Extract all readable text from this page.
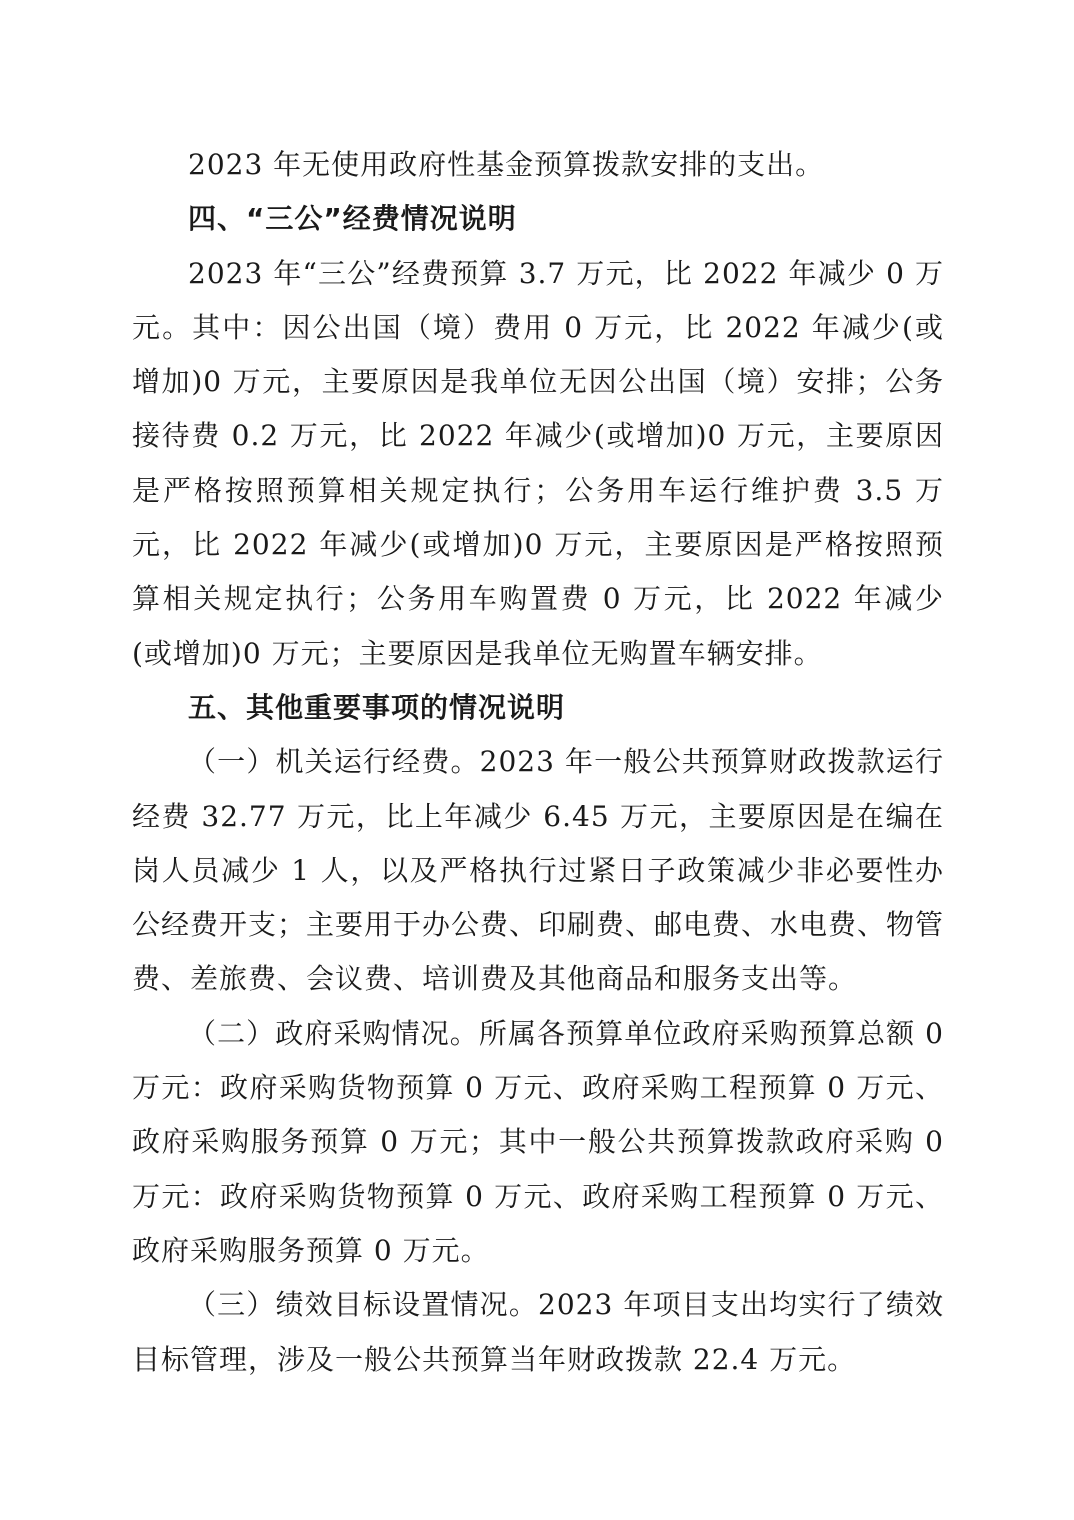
2023 年无使用政府性基金预算拨款安排的支出。

四、“三公”经费情况说明

2023 年“三公”经费预算 3.7 万元，比 2022 年减少 0 万元。其中：因公出国（境）费用 0 万元，比 2022 年减少(或增加)0 万元，主要原因是我单位无因公出国（境）安排；公务接待费 0.2 万元，比 2022 年减少(或增加)0 万元，主要原因是严格按照预算相关规定执行；公务用车运行维护费 3.5 万元，比 2022 年减少(或增加)0 万元，主要原因是严格按照预算相关规定执行；公务用车购置费 0 万元，比 2022 年减少(或增加)0 万元；主要原因是我单位无购置车辆安排。

五、其他重要事项的情况说明

（一）机关运行经费。2023 年一般公共预算财政拨款运行经费 32.77 万元，比上年减少 6.45 万元，主要原因是在编在岗人员减少 1 人，以及严格执行过紧日子政策减少非必要性办公经费开支；主要用于办公费、印刷费、邮电费、水电费、物管费、差旅费、会议费、培训费及其他商品和服务支出等。

（二）政府采购情况。所属各预算单位政府采购预算总额 0 万元：政府采购货物预算 0 万元、政府采购工程预算 0 万元、政府采购服务预算 0 万元；其中一般公共预算拨款政府采购 0 万元：政府采购货物预算 0 万元、政府采购工程预算 0 万元、政府采购服务预算 0 万元。

（三）绩效目标设置情况。2023 年项目支出均实行了绩效目标管理，涉及一般公共预算当年财政拨款 22.4 万元。
